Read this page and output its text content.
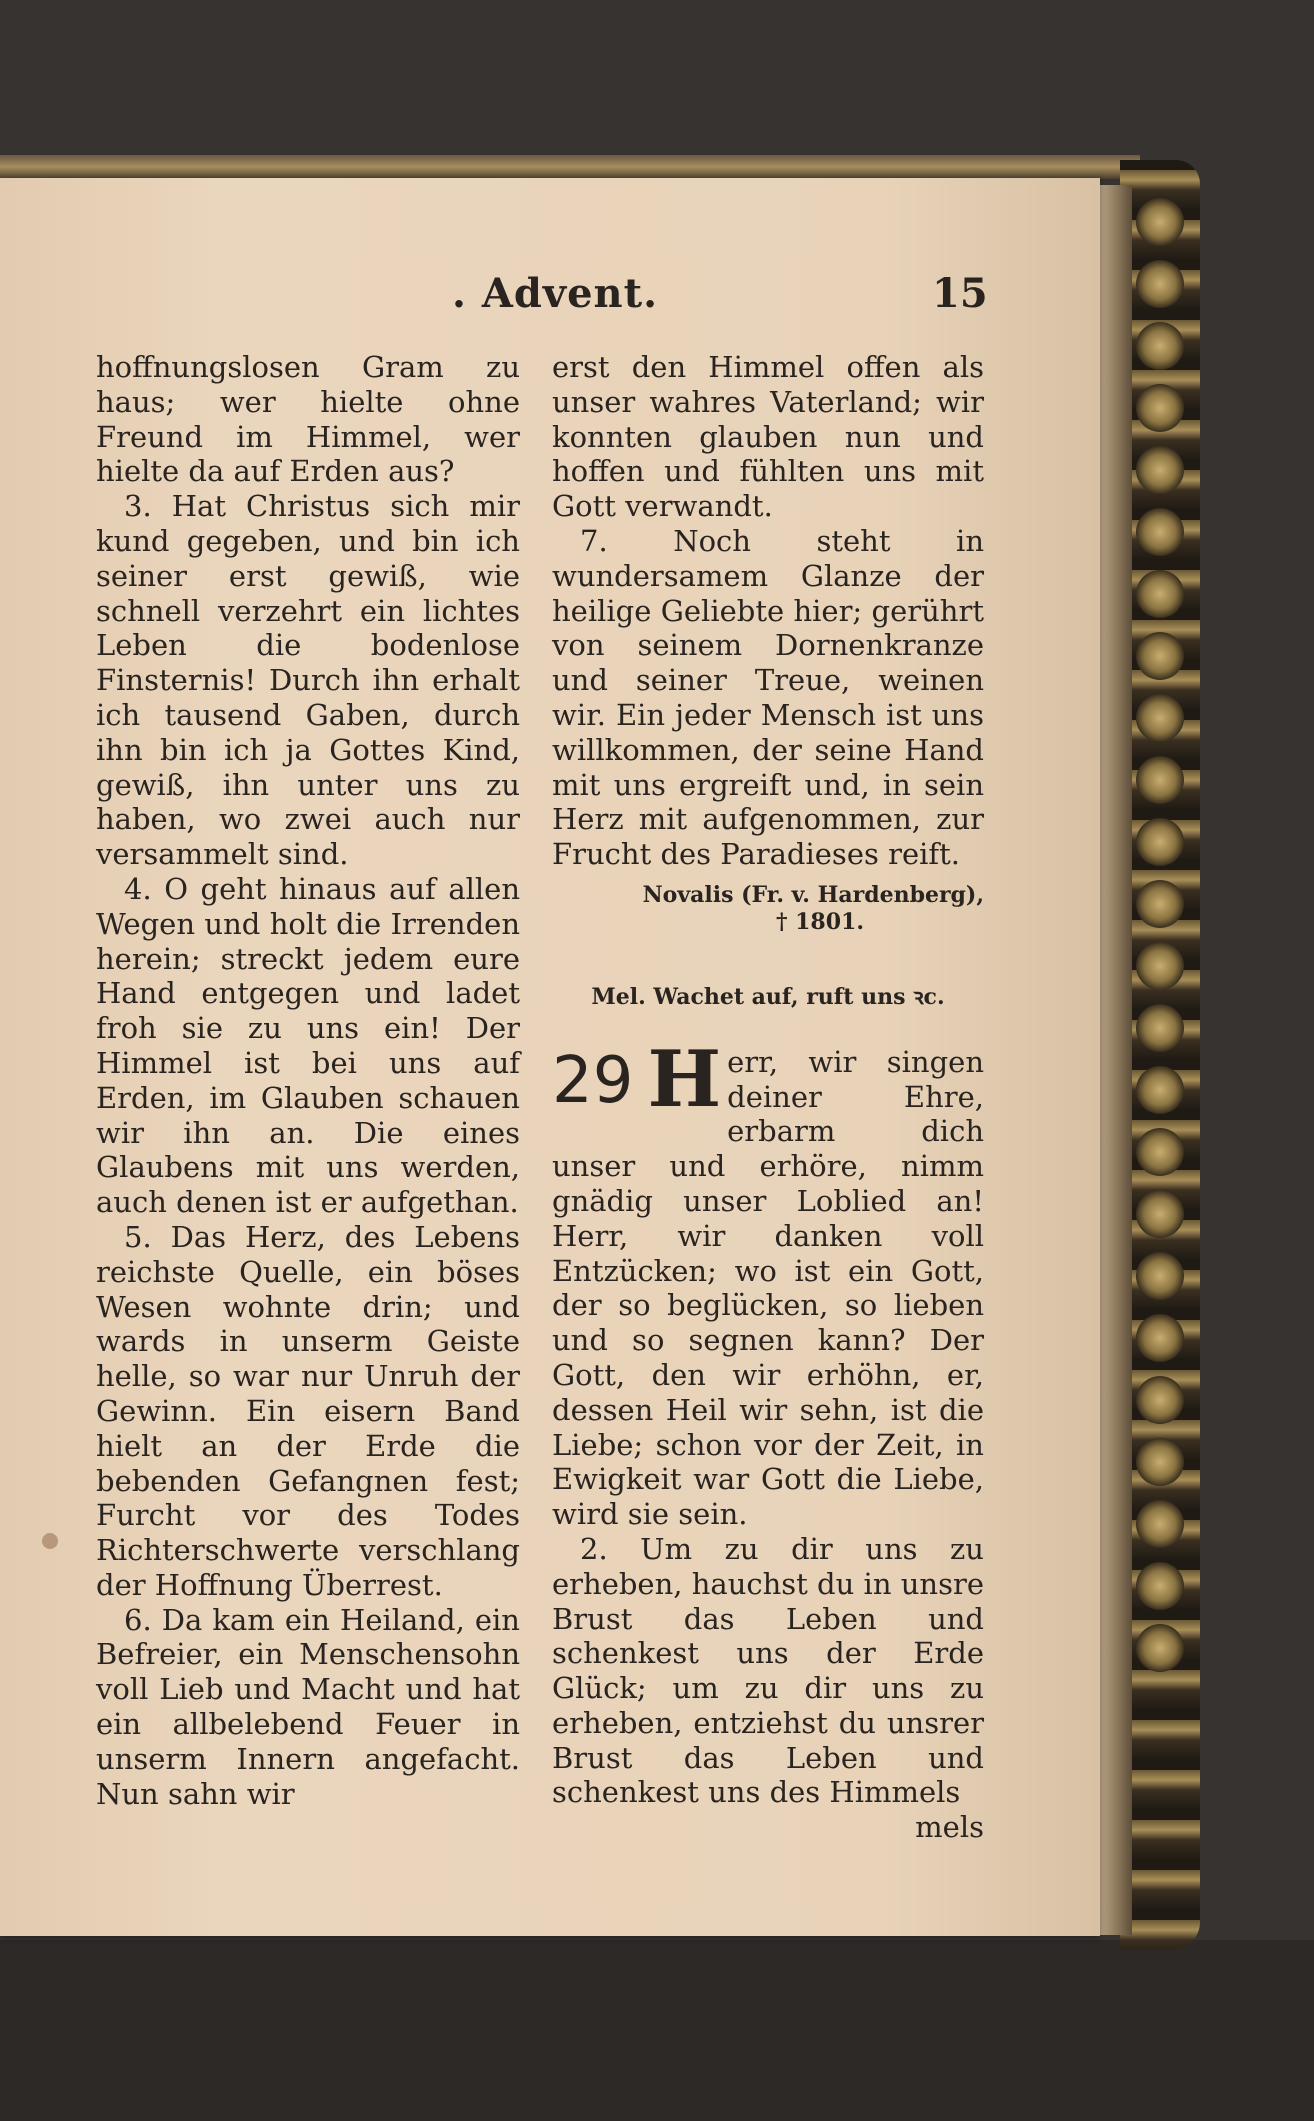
. Advent.	15

hoffnungslosen Gram zu haus; wer hielte ohne Freund im Himmel, wer hielte da auf Erden aus?

3. Hat Christus sich mir kund gegeben, und bin ich seiner erst gewiß, wie schnell verzehrt ein lichtes Leben die bodenlose Finsternis! Durch ihn erhalt ich tausend Gaben, durch ihn bin ich ja Gottes Kind, gewiß, ihn unter uns zu haben, wo zwei auch nur versammelt sind.

4. O geht hinaus auf allen Wegen und holt die Irrenden herein; streckt jedem eure Hand entgegen und ladet froh sie zu uns ein! Der Himmel ist bei uns auf Erden, im Glauben schauen wir ihn an. Die eines Glaubens mit uns werden, auch denen ist er aufgethan.

5. Das Herz, des Lebens reichste Quelle, ein böses Wesen wohnte drin; und wards in unserm Geiste helle, so war nur Unruh der Gewinn. Ein eisern Band hielt an der Erde die bebenden Gefangnen fest; Furcht vor des Todes Richterschwerte verschlang der Hoffnung Überrest.

6. Da kam ein Heiland, ein Befreier, ein Menschensohn voll Lieb und Macht und hat ein allbelebend Feuer in unserm Innern angefacht. Nun sahn wir

erst den Himmel offen als unser wahres Vaterland; wir konnten glauben nun und hoffen und fühlten uns mit Gott verwandt.

7. Noch steht in wundersamem Glanze der heilige Geliebte hier; gerührt von seinem Dornenkranze und seiner Treue, weinen wir. Ein jeder Mensch ist uns willkommen, der seine Hand mit uns ergreift und, in sein Herz mit aufgenommen, zur Frucht des Paradieses reift.

Novalis (Fr. v. Hardenberg),
† 1801.
Mel. Wachet auf, ruft uns ꝛc.
29 H err, wir singen deiner Ehre, erbarm dich unser und erhöre, nimm gnädig unser Loblied an! Herr, wir danken voll Entzücken; wo ist ein Gott, der so beglücken, so lieben und so segnen kann? Der Gott, den wir erhöhn, er, dessen Heil wir sehn, ist die Liebe; schon vor der Zeit, in Ewigkeit war Gott die Liebe, wird sie sein.

2. Um zu dir uns zu erheben, hauchst du in unsre Brust das Leben und schenkest uns der Erde Glück; um zu dir uns zu erheben, entziehst du unsrer Brust das Leben und schenkest uns des Himmels

mels
